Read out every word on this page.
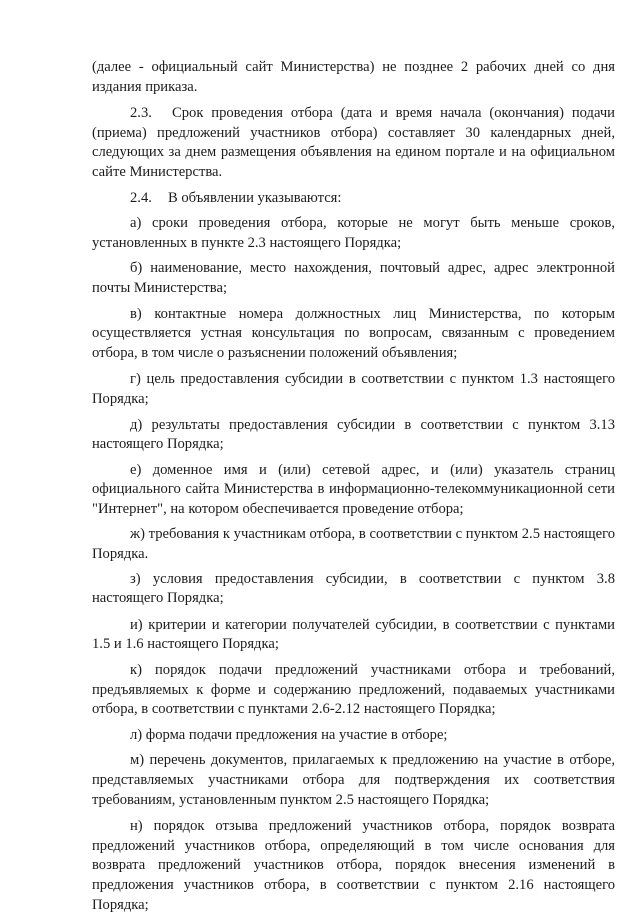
(далее - официальный сайт Министерства) не позднее 2 рабочих дней со дня издания приказа.

2.3. Срок проведения отбора (дата и время начала (окончания) подачи (приема) предложений участников отбора) составляет 30 календарных дней, следующих за днем размещения объявления на едином портале и на официальном сайте Министерства.

2.4. В объявлении указываются:

а) сроки проведения отбора, которые не могут быть меньше сроков, установленных в пункте 2.3 настоящего Порядка;

б) наименование, место нахождения, почтовый адрес, адрес электронной почты Министерства;

в) контактные номера должностных лиц Министерства, по которым осуществляется устная консультация по вопросам, связанным с проведением отбора, в том числе о разъяснении положений объявления;

г) цель предоставления субсидии в соответствии с пунктом 1.3 настоящего Порядка;

д) результаты предоставления субсидии в соответствии с пунктом 3.13 настоящего Порядка;

е) доменное имя и (или) сетевой адрес, и (или) указатель страниц официального сайта Министерства в информационно-телекоммуникационной сети "Интернет", на котором обеспечивается проведение отбора;

ж) требования к участникам отбора, в соответствии с пунктом 2.5 настоящего Порядка.

з) условия предоставления субсидии, в соответствии с пунктом 3.8 настоящего Порядка;

и) критерии и категории получателей субсидии, в соответствии с пунктами 1.5 и 1.6 настоящего Порядка;

к) порядок подачи предложений участниками отбора и требований, предъявляемых к форме и содержанию предложений, подаваемых участниками отбора, в соответствии с пунктами 2.6-2.12 настоящего Порядка;

л) форма подачи предложения на участие в отборе;

м) перечень документов, прилагаемых к предложению на участие в отборе, представляемых участниками отбора для подтверждения их соответствия требованиям, установленным пунктом 2.5 настоящего Порядка;

н) порядок отзыва предложений участников отбора, порядок возврата предложений участников отбора, определяющий в том числе основания для возврата предложений участников отбора, порядок внесения изменений в предложения участников отбора, в соответствии с пунктом 2.16 настоящего Порядка;
